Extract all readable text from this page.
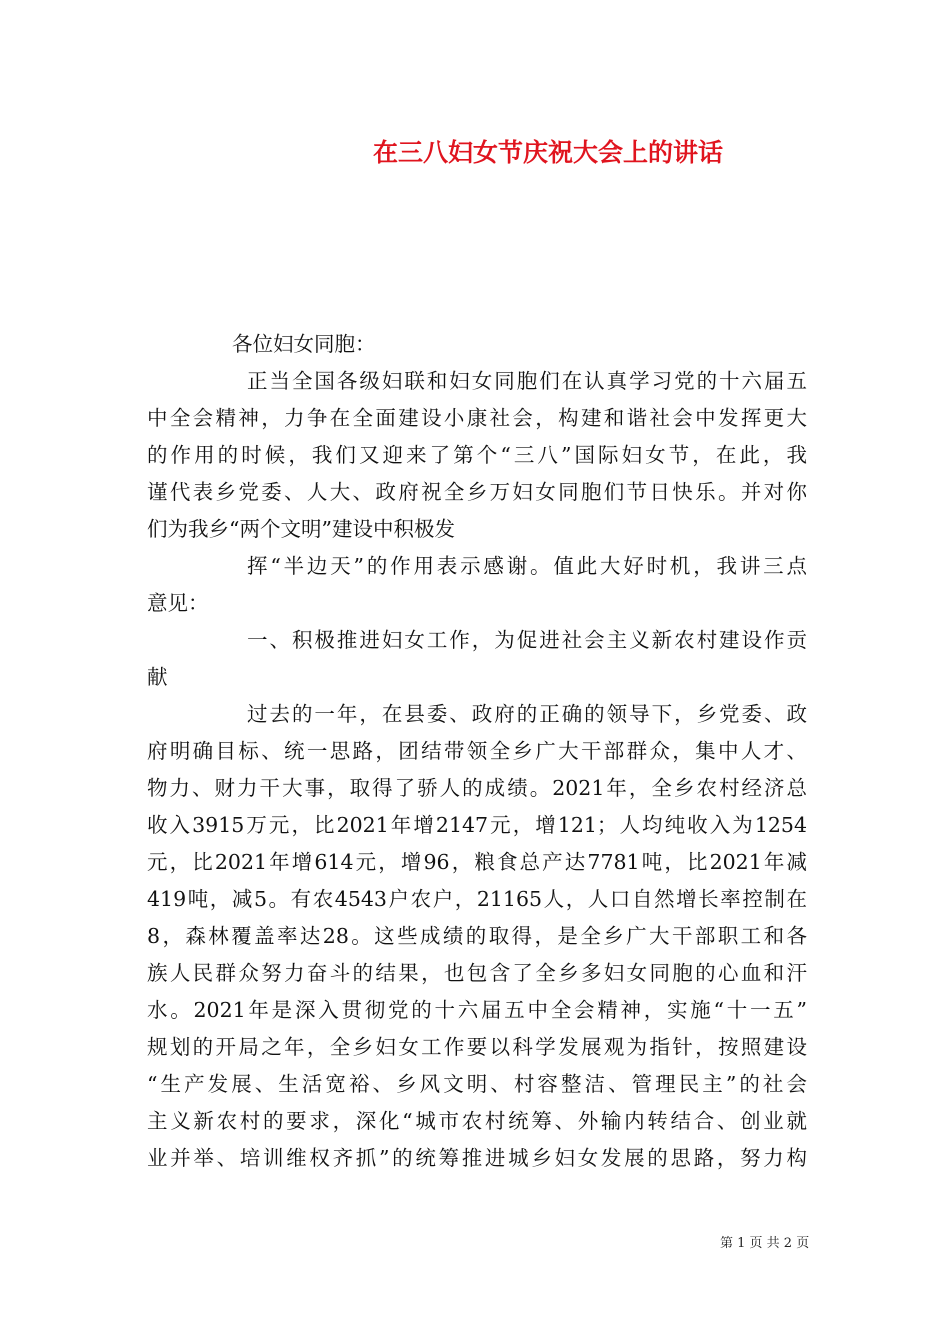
在三八妇女节庆祝大会上的讲话
各位妇女同胞：
正当全国各级妇联和妇女同胞们在认真学习党的十六届五
中全会精神，力争在全面建设小康社会，构建和谐社会中发挥更大
的作用的时候，我们又迎来了第个“三八”国际妇女节，在此，我
谨代表乡党委、人大、政府祝全乡万妇女同胞们节日快乐。并对你
们为我乡“两个文明”建设中积极发
挥“半边天”的作用表示感谢。值此大好时机，我讲三点
意见：
一、积极推进妇女工作，为促进社会主义新农村建设作贡
献
过去的一年，在县委、政府的正确的领导下，乡党委、政
府明确目标、统一思路，团结带领全乡广大干部群众，集中人才、
物力、财力干大事，取得了骄人的成绩。2021年，全乡农村经济总
收入3915万元，比2021年增2147元，增121；人均纯收入为1254
元，比2021年增614元，增96，粮食总产达7781吨，比2021年减
419吨，减5。有农4543户农户，21165人，人口自然增长率控制在
8，森林覆盖率达28。这些成绩的取得，是全乡广大干部职工和各
族人民群众努力奋斗的结果，也包含了全乡多妇女同胞的心血和汗
水。2021年是深入贯彻党的十六届五中全会精神，实施“十一五”
规划的开局之年，全乡妇女工作要以科学发展观为指针，按照建设
“生产发展、生活宽裕、乡风文明、村容整洁、管理民主”的社会
主义新农村的要求，深化“城市农村统筹、外输内转结合、创业就
业并举、培训维权齐抓”的统筹推进城乡妇女发展的思路，努力构
第 1 页 共 2 页
